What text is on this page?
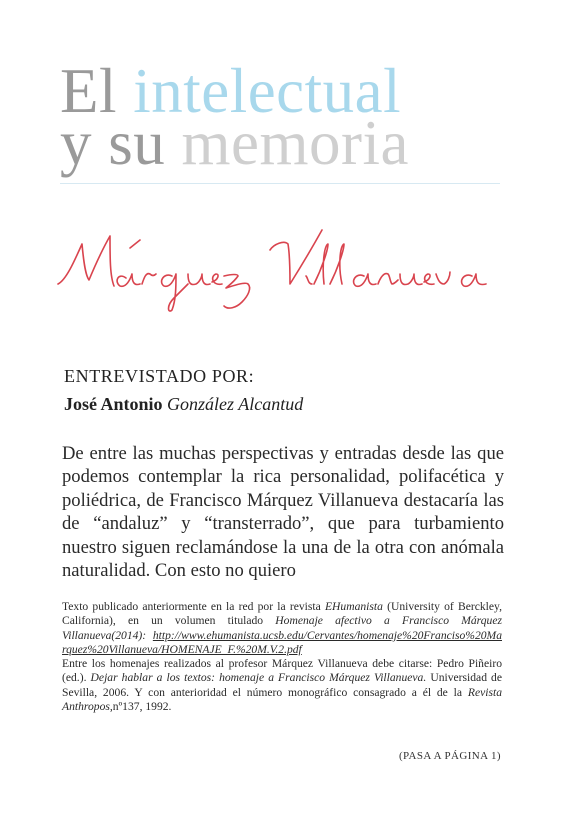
El intelectual
y su memoria
ENTREVISTADO POR:
José Antonio González Alcantud
De entre las muchas perspectivas y entradas desde las que podemos contemplar la rica personalidad, polifacética y poliédrica, de Francisco Márquez Villanueva destacaría las de “andaluz” y “transterrado”, que para turbamiento nuestro siguen reclamándose la una de la otra con anómala naturalidad. Con esto no quiero
Texto publicado anteriormente en la red por la revista EHumanista (University of Berckley, California), en un volumen titulado Homenaje afectivo a Francisco Márquez Villanueva(2014): http://www.ehumanista.ucsb.edu/Cervantes/homenaje%20Franciso%20Marquez%20Villanueva/HOMENAJE_F.%20M.V.2.pdf
Entre los homenajes realizados al profesor Márquez Villanueva debe citarse: Pedro Piñeiro (ed.). Dejar hablar a los textos: homenaje a Francisco Márquez Villanueva. Universidad de Sevilla, 2006. Y con anterioridad el número monográfico consagrado a él de la Revista Anthropos,nº137, 1992.
(PASA A PÁGINA 1)
